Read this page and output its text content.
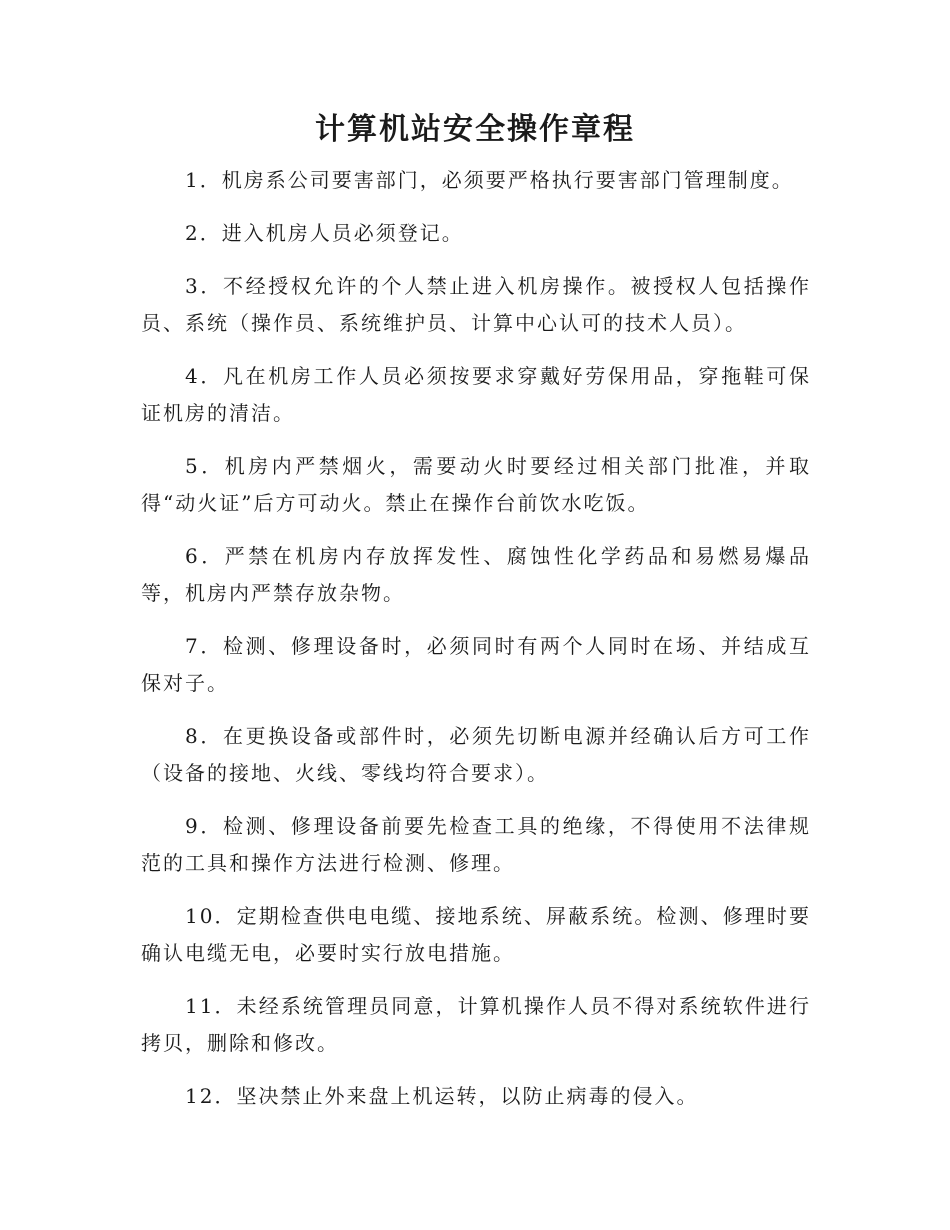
计算机站安全操作章程

1．机房系公司要害部门，必须要严格执行要害部门管理制度。

2．进入机房人员必须登记。

3．不经授权允许的个人禁止进入机房操作。被授权人包括操作员、系统（操作员、系统维护员、计算中心认可的技术人员）。

4．凡在机房工作人员必须按要求穿戴好劳保用品，穿拖鞋可保证机房的清洁。

5．机房内严禁烟火，需要动火时要经过相关部门批准，并取得“动火证”后方可动火。禁止在操作台前饮水吃饭。

6．严禁在机房内存放挥发性、腐蚀性化学药品和易燃易爆品等，机房内严禁存放杂物。

7．检测、修理设备时，必须同时有两个人同时在场、并结成互保对子。

8．在更换设备或部件时，必须先切断电源并经确认后方可工作（设备的接地、火线、零线均符合要求）。

9．检测、修理设备前要先检查工具的绝缘，不得使用不法律规范的工具和操作方法进行检测、修理。

10．定期检查供电电缆、接地系统、屏蔽系统。检测、修理时要确认电缆无电，必要时实行放电措施。

11．未经系统管理员同意，计算机操作人员不得对系统软件进行拷贝，删除和修改。

12．坚决禁止外来盘上机运转，以防止病毒的侵入。
